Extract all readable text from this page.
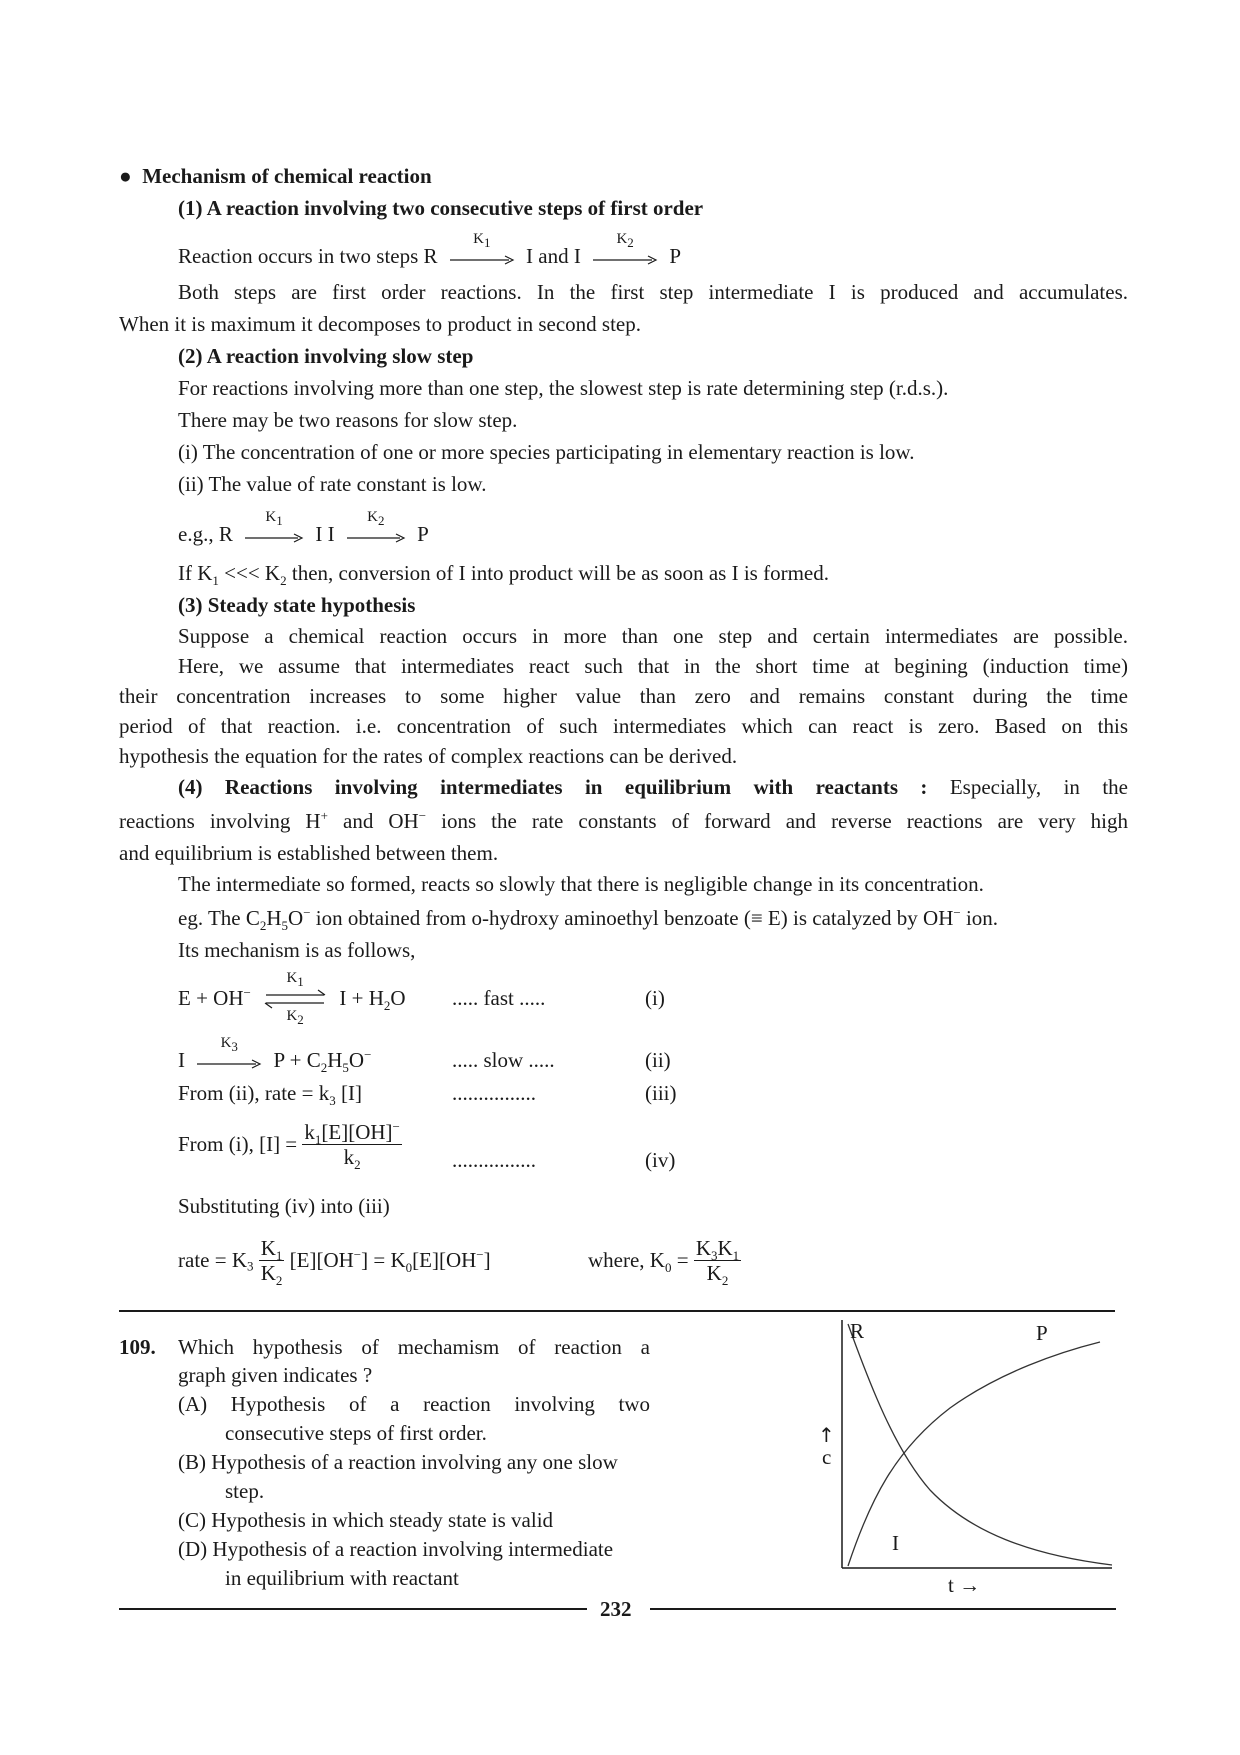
● Mechanism of chemical reaction
(1) A reaction involving two consecutive steps of first order
Reaction occurs in two steps R
$K_1$
I and I
$K_2$
P
Both steps are first order reactions. In the first step intermediate I is produced and accumulates.
When it is maximum it decomposes to product in second step.
(2) A reaction involving slow step
For reactions involving more than one step, the slowest step is rate determining step (r.d.s.).
There may be two reasons for slow step.
(i) The concentration of one or more species participating in elementary reaction is low.
(ii) The value of rate constant is low.
e.g., R
$K_1$
I I
$K_2$
P
If $K_1$ <<< $K_2$ then, conversion of I into product will be as soon as I is formed.
(3) Steady state hypothesis
Suppose a chemical reaction occurs in more than one step and certain intermediates are possible.
Here, we assume that intermediates react such that in the short time at begining (induction time)
their concentration increases to some higher value than zero and remains constant during the time
period of that reaction. i.e. concentration of such intermediates which can react is zero. Based on this
hypothesis the equation for the rates of complex reactions can be derived.
(4) Reactions involving intermediates in equilibrium with reactants : Especially, in the
reactions involving H+ and OH− ions the rate constants of forward and reverse reactions are very high
and equilibrium is established between them.
The intermediate so formed, reacts so slowly that there is negligible change in its concentration.
eg. The $C_2H_5O^-$ ion obtained from o-hydroxy aminoethyl benzoate (≡ E) is catalyzed by OH− ion.
Its mechanism is as follows,
E + OH−
$K_1$
$K_2$
$I + H_2O$ ..... fast .....	(i)
I
$K_3$
$P + C_2H_5O^-$	..... slow .....	(ii)
From (ii), rate = $k_3$ [I]	................	(iii)
From (i), $[I] = \frac{k_1[E][OH]^-}{k_2}$ ................	(iv)
Substituting (iv) into (iii)
rate = $K_3 \frac{K_1}{K_2} [E][OH^-] = K_0[E][OH^-]$	where, $K_0 = \frac{K_3K_1}{K_2}$
109. Which hypothesis of mechamism of reaction a
graph given indicates ?
(A) Hypothesis of a reaction involving two
consecutive steps of first order.
(B) Hypothesis of a reaction involving any one slow
step.
(C) Hypothesis in which steady state is valid
(D) Hypothesis of a reaction involving intermediate
in equilibrium with reactant
R	P
I
↑
c
t →
232
